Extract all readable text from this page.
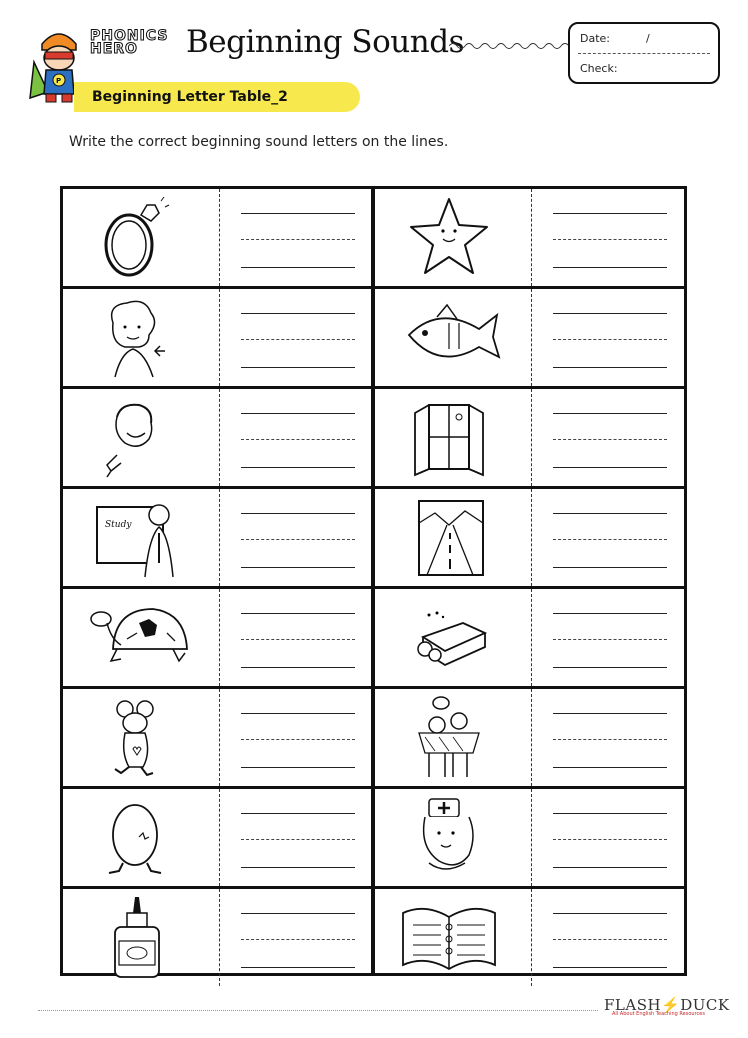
P
PHONICS
HERO	Beginning Sounds	Date:	/
Check:
Beginning Letter Table_2
Write the correct beginning sound letters on the lines.
Study
FLASH⚡DUCK
All About English Teaching Resources
